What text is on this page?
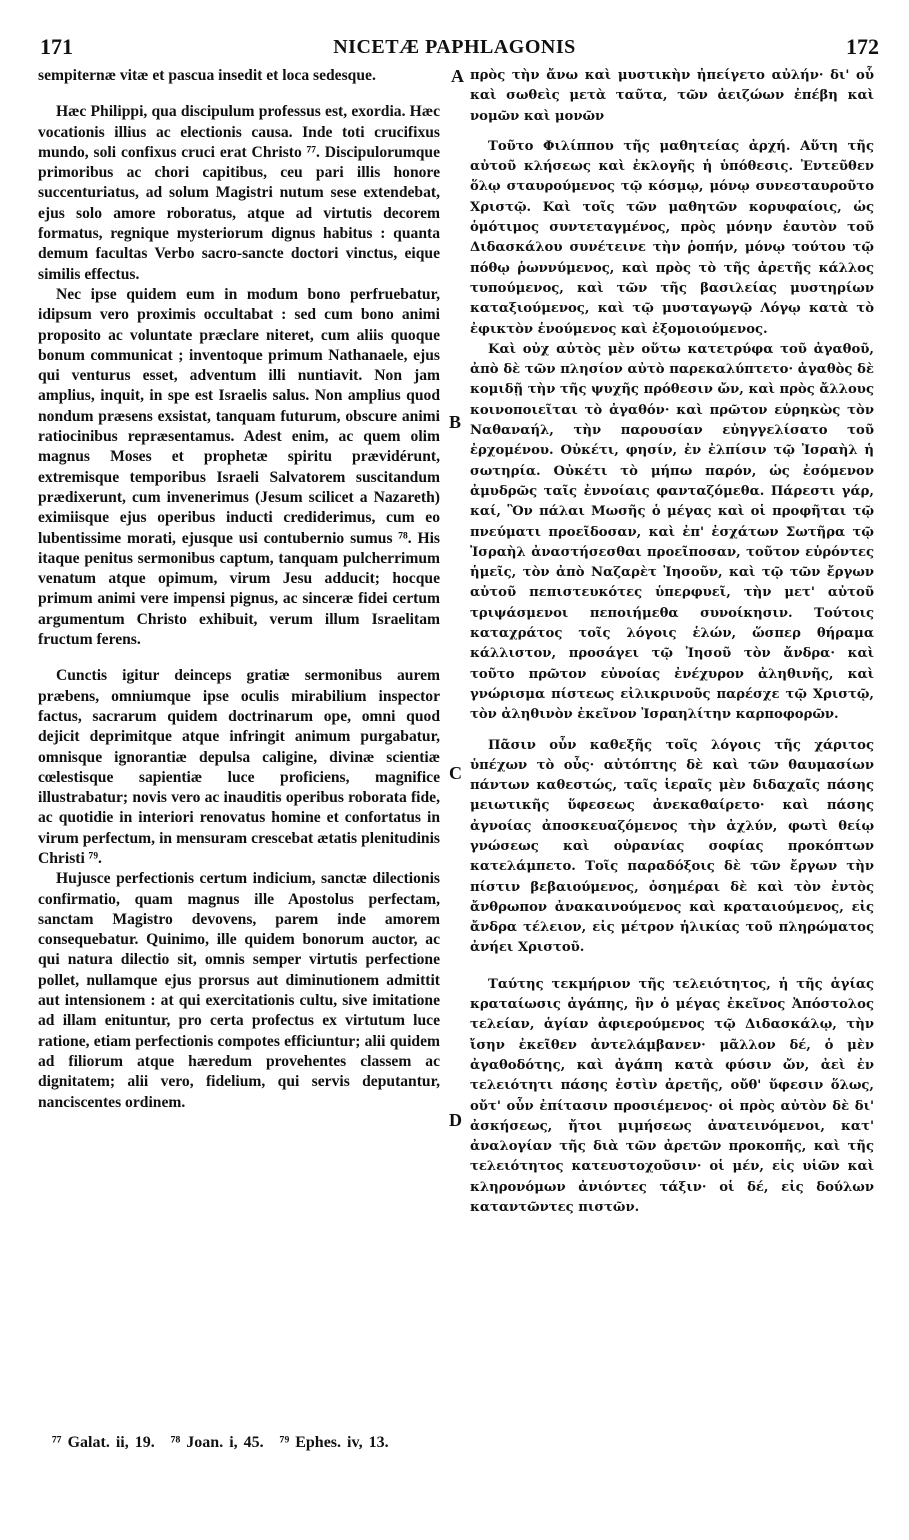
171	NICETÆ PAPHLAGONIS	172

sempiternæ vitæ et pascua insedit et loca sedesque.

Hæc Philippi, qua discipulum professus est, exordia. Hæc vocationis illius ac electionis causa. Inde toti crucifixus mundo, soli confixus cruci erat Christo ⁷⁷. Discipulorumque primoribus ac chori capitibus, ceu pari illis honore succenturiatus, ad solum Magistri nutum sese extendebat, ejus solo amore roboratus, atque ad virtutis decorem formatus, regnique mysteriorum dignus habitus : quanta demum facultas Verbo sacro-sancte doctori vinctus, eique similis effectus.

Nec ipse quidem eum in modum bono perfruebatur, idipsum vero proximis occultabat : sed cum bono animi proposito ac voluntate præclare niteret, cum aliis quoque bonum communicat ; inventoque primum Nathanaele, ejus qui venturus esset, adventum illi nuntiavit. Non jam amplius, inquit, in spe est Israelis salus. Non amplius quod nondum præsens exsistat, tanquam futurum, obscure animi ratiocinibus repræsentamus. Adest enim, ac quem olim magnus Moses et prophetæ spiritu prævidérunt, extremisque temporibus Israeli Salvatorem suscitandum prædixerunt, cum invenerimus (Jesum scilicet a Nazareth) eximiisque ejus operibus inducti crediderimus, cum eo lubentissime morati, ejusque usi contubernio sumus ⁷⁸. His itaque penitus sermonibus captum, tanquam pulcherrimum venatum atque opimum, virum Jesu adducit; hocque primum animi vere impensi pignus, ac sinceræ fidei certum argumentum Christo exhibuit, verum illum Israelitam fructum ferens.

Cunctis igitur deinceps gratiæ sermonibus aurem præbens, omniumque ipse oculis mirabilium inspector factus, sacrarum quidem doctrinarum ope, omni quod dejicit deprimitque atque infringit animum purgabatur, omnisque ignorantiæ depulsa caligine, divinæ scientiæ cœlestisque sapientiæ luce proficiens, magnifice illustrabatur; novis vero ac inauditis operibus roborata fide, ac quotidie in interiori renovatus homine et confortatus in virum perfectum, in mensuram crescebat ætatis plenitudinis Christi ⁷⁹.

Hujusce perfectionis certum indicium, sanctæ dilectionis confirmatio, quam magnus ille Apostolus perfectam, sanctam Magistro devovens, parem inde amorem consequebatur. Quinimo, ille quidem bonorum auctor, ac qui natura dilectio sit, omnis semper virtutis perfectione pollet, nullamque ejus prorsus aut diminutionem admittit aut intensionem : at qui exercitationis cultu, sive imitatione ad illam enituntur, pro certa profectus ex virtutum luce ratione, etiam perfectionis compotes efficiuntur; alii quidem ad filiorum atque hæredum provehentes classem ac dignitatem; alii vero, fidelium, qui servis deputantur, nanciscentes ordinem.

A
B
C
D

πρὸς τὴν ἄνω καὶ μυστικὴν ἠπείγετο αὐλήν· δι' οὗ καὶ σωθεὶς μετὰ ταῦτα, τῶν ἀειζώων ἐπέβη καὶ νομῶν καὶ μονῶν

Τοῦτο Φιλίππου τῆς μαθητείας ἀρχή. Αὕτη τῆς αὐτοῦ κλήσεως καὶ ἐκλογῆς ἡ ὑπόθεσις. Ἐντεῦθεν ὅλῳ σταυρούμενος τῷ κόσμῳ, μόνῳ συνεσταυροῦτο Χριστῷ. Καὶ τοῖς τῶν μαθητῶν κορυφαίοις, ὡς ὁμότιμος συντεταγμένος, πρὸς μόνην ἑαυτὸν τοῦ Διδασκάλου συνέτεινε τὴν ῥοπήν, μόνῳ τούτου τῷ πόθῳ ῥωννύμενος, καὶ πρὸς τὸ τῆς ἀρετῆς κάλλος τυπούμενος, καὶ τῶν τῆς βασιλείας μυστηρίων καταξιούμενος, καὶ τῷ μυσταγωγῷ Λόγῳ κατὰ τὸ ἐφικτὸν ἑνούμενος καὶ ἐξομοιούμενος.

Καὶ οὐχ αὐτὸς μὲν οὕτω κατετρύφα τοῦ ἀγαθοῦ, ἀπὸ δὲ τῶν πλησίον αὐτὸ παρεκαλύπτετο· ἀγαθὸς δὲ κομιδῇ τὴν τῆς ψυχῆς πρόθεσιν ὤν, καὶ πρὸς ἄλλους κοινοποιεῖται τὸ ἀγαθόν· καὶ πρῶτον εὑρηκὼς τὸν Ναθαναήλ, τὴν παρουσίαν εὐηγγελίσατο τοῦ ἐρχομένου. Οὐκέτι, φησίν, ἐν ἐλπίσιν τῷ Ἰσραὴλ ἡ σωτηρία. Οὐκέτι τὸ μήπω παρόν, ὡς ἐσόμενον ἀμυδρῶς ταῖς ἐννοίαις φανταζόμεθα. Πάρεστι γάρ, καί, Ὃν πάλαι Μωσῆς ὁ μέγας καὶ οἱ προφῆται τῷ πνεύματι προεῖδοσαν, καὶ ἐπ' ἐσχάτων Σωτῆρα τῷ Ἰσραὴλ ἀναστήσεσθαι προεῖποσαν, τοῦτον εὑρόντες ἡμεῖς, τὸν ἀπὸ Ναζαρὲτ Ἰησοῦν, καὶ τῷ τῶν ἔργων αὐτοῦ πεπιστευκότες ὑπερφυεῖ, τὴν μετ' αὐτοῦ τριψάσμενοι πεποιήμεθα συνοίκησιν. Τούτοις καταχράτος τοῖς λόγοις ἑλών, ὥσπερ θήραμα κάλλιστον, προσάγει τῷ Ἰησοῦ τὸν ἄνδρα· καὶ τοῦτο πρῶτον εὐνοίας ἐνέχυρον ἀληθινῆς, καὶ γνώρισμα πίστεως εἰλικρινοῦς παρέσχε τῷ Χριστῷ, τὸν ἀληθινὸν ἐκεῖνον Ἰσραηλίτην καρποφορῶν.

Πᾶσιν οὖν καθεξῆς τοῖς λόγοις τῆς χάριτος ὑπέχων τὸ οὖς· αὐτόπτης δὲ καὶ τῶν θαυμασίων πάντων καθεστώς, ταῖς ἱεραῖς μὲν διδαχαῖς πάσης μειωτικῆς ὕφεσεως ἀνεκαθαίρετο· καὶ πάσης ἀγνοίας ἀποσκευαζόμενος τὴν ἀχλύν, φωτὶ θείῳ γνώσεως καὶ οὐρανίας σοφίας προκόπτων κατελάμπετο. Τοῖς παραδόξοις δὲ τῶν ἔργων τὴν πίστιν βεβαιούμενος, ὁσημέραι δὲ καὶ τὸν ἐντὸς ἄνθρωπον ἀνακαινούμενος καὶ κραταιούμενος, εἰς ἄνδρα τέλειον, εἰς μέτρον ἡλικίας τοῦ πληρώματος ἀνήει Χριστοῦ.

Ταύτης τεκμήριον τῆς τελειότητος, ἡ τῆς ἁγίας κραταίωσις ἀγάπης, ἣν ὁ μέγας ἐκεῖνος Ἀπόστολος τελείαν, ἁγίαν ἀφιερούμενος τῷ Διδασκάλῳ, τὴν ἴσην ἐκεῖθεν ἀντελάμβανεν· μᾶλλον δέ, ὁ μὲν ἀγαθοδότης, καὶ ἀγάπη κατὰ φύσιν ὤν, ἀεὶ ἐν τελειότητι πάσης ἐστὶν ἀρετῆς, οὔθ' ὕφεσιν ὅλως, οὔτ' οὖν ἐπίτασιν προσιέμενος· οἱ πρὸς αὐτὸν δὲ δι' ἀσκήσεως, ἤτοι μιμήσεως ἀνατεινόμενοι, κατ' ἀναλογίαν τῆς διὰ τῶν ἀρετῶν προκοπῆς, καὶ τῆς τελειότητος κατευστοχοῦσιν· οἱ μέν, εἰς υἱῶν καὶ κληρονόμων ἀνιόντες τάξιν· οἱ δέ, εἰς δούλων καταντῶντες πιστῶν.

⁷⁷ Galat. ii, 19. ⁷⁸ Joan. i, 45. ⁷⁹ Ephes. iv, 13.
